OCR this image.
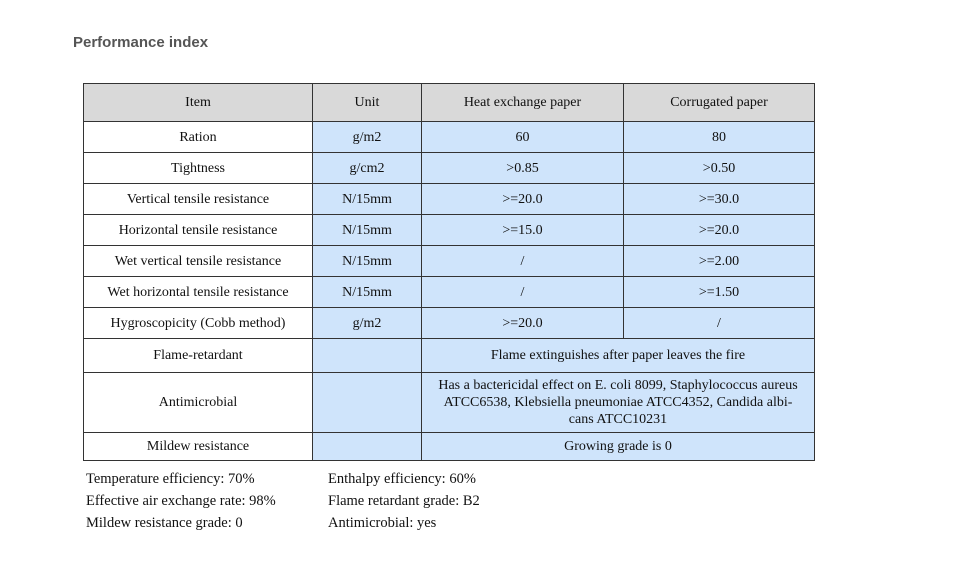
Performance index
Item	Unit	Heat exchange paper	Corrugated paper
Ration	g/m2	60	80
Tightness	g/cm2	>0.85	>0.50
Vertical tensile resistance	N/15mm	>=20.0	>=30.0
Horizontal tensile resistance	N/15mm	>=15.0	>=20.0
Wet vertical tensile resistance	N/15mm	/	>=2.00
Wet horizontal tensile resistance	N/15mm	/	>=1.50
Hygroscopicity (Cobb method)	g/m2	>=20.0	/
Flame-retardant		Flame extinguishes after paper leaves the fire	
Antimicrobial		Has a bactericidal effect on E. coli 8099, Staphylococcus aureus ATCC6538, Klebsiella pneumoniae ATCC4352, Candida albi-cans ATCC10231	
Mildew resistance		Growing grade is 0	
Temperature efficiency: 70%
Effective air exchange rate: 98%
Mildew resistance grade: 0
Enthalpy efficiency: 60%
Flame retardant grade: B2
Antimicrobial: yes
